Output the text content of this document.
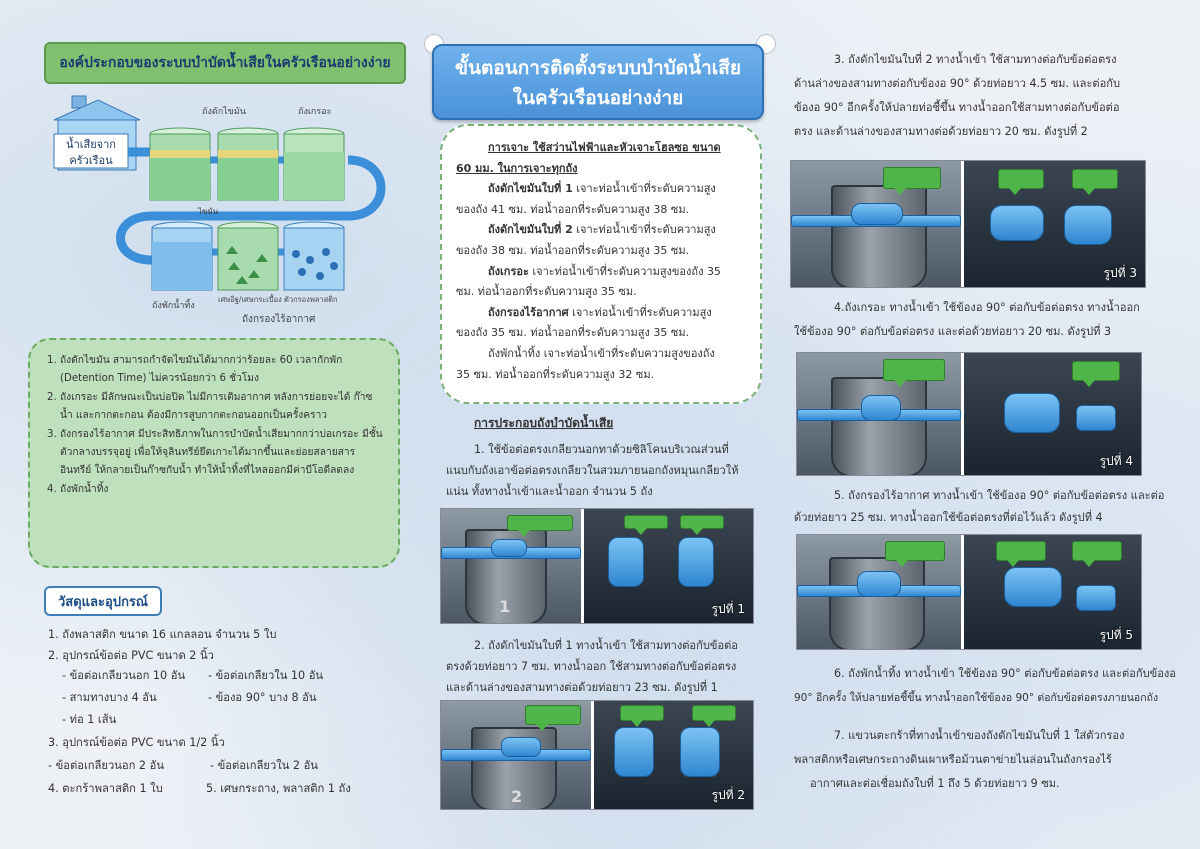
องค์ประกอบของระบบบำบัดน้ำเสียในครัวเรือนอย่างง่าย
น้ำเสียจาก
ครัวเรือน
ถังดักไขมัน	ถังเกรอะ
ไขมัน
ถังพักน้ำทิ้ง
เศษอิฐ/เศษกระเบื้อง ตัวกรองพลาสติก
ถังกรองไร้อากาศ
1. ถังดักไขมัน สามารถกำจัดไขมันได้มากกว่าร้อยละ 60 เวลากักพัก (Detention Time) ไม่ควรน้อยกว่า 6 ชั่วโมง
2. ถังเกรอะ มีลักษณะเป็นบ่อปิด ไม่มีการเติมอากาศ หลังการย่อยจะได้ ก๊าซ น้ำ และกากตะกอน ต้องมีการสูบกากตะกอนออกเป็นครั้งคราว
3. ถังกรองไร้อากาศ มีประสิทธิภาพในการบำบัดน้ำเสียมากกว่าบ่อเกรอะ มีชั้นตัวกลางบรรจุอยู่ เพื่อให้จุลินทรีย์ยึดเกาะได้มากขึ้นและย่อยสลายสารอินทรีย์ ให้กลายเป็นก๊าซกับน้ำ ทำให้น้ำทิ้งที่ไหลออกมีค่าบีโอดีลดลง
4. ถังพักน้ำทิ้ง
วัสดุและอุปกรณ์
1. ถังพลาสติก ขนาด 16 แกลลอน จำนวน 5 ใบ
2. อุปกรณ์ข้อต่อ PVC ขนาด 2 นิ้ว
- ข้อต่อเกลียวนอก 10 อัน - ข้อต่อเกลียวใน 10 อัน
- สามทางบาง 4 อัน	- ข้องอ 90° บาง 8 อัน
- ท่อ 1 เส้น
3. อุปกรณ์ข้อต่อ PVC ขนาด 1/2 นิ้ว
- ข้อต่อเกลียวนอก 2 อัน	- ข้อต่อเกลียวใน 2 อัน
4. ตะกร้าพลาสติก 1 ใบ	5. เศษกระถาง, พลาสติก 1 ถัง
ขั้นตอนการติดตั้งระบบบำบัดน้ำเสีย
ในครัวเรือนอย่างง่าย
การเจาะ ใช้สว่านไฟฟ้าและหัวเจาะโฮลซอ ขนาด
60 มม. ในการเจาะทุกถัง
ถังดักไขมันใบที่ 1 เจาะท่อน้ำเข้าที่ระดับความสูง
ของถัง 41 ซม. ท่อน้ำออกที่ระดับความสูง 38 ซม.
ถังดักไขมันใบที่ 2 เจาะท่อน้ำเข้าที่ระดับความสูง
ของถัง 38 ซม. ท่อน้ำออกที่ระดับความสูง 35 ซม.
ถังเกรอะ เจาะท่อน้ำเข้าที่ระดับความสูงของถัง 35
ซม. ท่อน้ำออกที่ระดับความสูง 35 ซม.
ถังกรองไร้อากาศ เจาะท่อน้ำเข้าที่ระดับความสูง
ของถัง 35 ซม. ท่อน้ำออกที่ระดับความสูง 35 ซม.
ถังพักน้ำทิ้ง เจาะท่อน้ำเข้าที่ระดับความสูงของถัง
35 ซม. ท่อน้ำออกที่ระดับความสูง 32 ซม.
การประกอบถังบำบัดน้ำเสีย
1. ใช้ข้อต่อตรงเกลียวนอกทาด้วยซิลิโคนบริเวณส่วนที่
แนบกับถังเอาข้อต่อตรงเกลียวในสวมภายนอกถังหมุนเกลียวให้
แน่น ทั้งทางน้ำเข้าและน้ำออก จำนวน 5 ถัง
1	รูปที่ 1
2. ถังดักไขมันใบที่ 1 ทางน้ำเข้า ใช้สามทางต่อกับข้อต่อ
ตรงด้วยท่อยาว 7 ซม. ทางน้ำออก ใช้สามทางต่อกับข้อต่อตรง
และด้านล่างของสามทางต่อด้วยท่อยาว 23 ซม. ดังรูปที่ 1
2	รูปที่ 2
3. ถังดักไขมันใบที่ 2 ทางน้ำเข้า ใช้สามทางต่อกับข้อต่อตรง
ด้านล่างของสามทางต่อกับข้องอ 90° ด้วยท่อยาว 4.5 ซม. และต่อกับ
ข้องอ 90° อีกครั้งให้ปลายท่อชี้ขึ้น ทางน้ำออกใช้สามทางต่อกับข้อต่อ
ตรง และด้านล่างของสามทางต่อด้วยท่อยาว 20 ซม. ดังรูปที่ 2
รูปที่ 3
4.ถังเกรอะ ทางน้ำเข้า ใช้ข้องอ 90° ต่อกับข้อต่อตรง ทางน้ำออก
ใช้ข้องอ 90° ต่อกับข้อต่อตรง และต่อด้วยท่อยาว 20 ซม. ดังรูปที่ 3
รูปที่ 4
5. ถังกรองไร้อากาศ ทางน้ำเข้า ใช้ข้องอ 90° ต่อกับข้อต่อตรง และต่อ
ด้วยท่อยาว 25 ซม. ทางน้ำออกใช้ข้อต่อตรงที่ต่อไว้แล้ว ดังรูปที่ 4
รูปที่ 5
6. ถังพักน้ำทิ้ง ทางน้ำเข้า ใช้ข้องอ 90° ต่อกับข้อต่อตรง และต่อกับข้องอ
90° อีกครั้ง ให้ปลายท่อชี้ขึ้น ทางน้ำออกใช้ข้องอ 90° ต่อกับข้อต่อตรงภายนอกถัง
7. แขวนตะกร้าที่ทางน้ำเข้าของถังดักไขมันใบที่ 1 ใส่ตัวกรอง
พลาสติกหรือเศษกระถางดินเผาหรือม้วนตาข่ายไนล่อนในถังกรองไร้
อากาศและต่อเชื่อมถังใบที่ 1 ถึง 5 ด้วยท่อยาว 9 ซม.
